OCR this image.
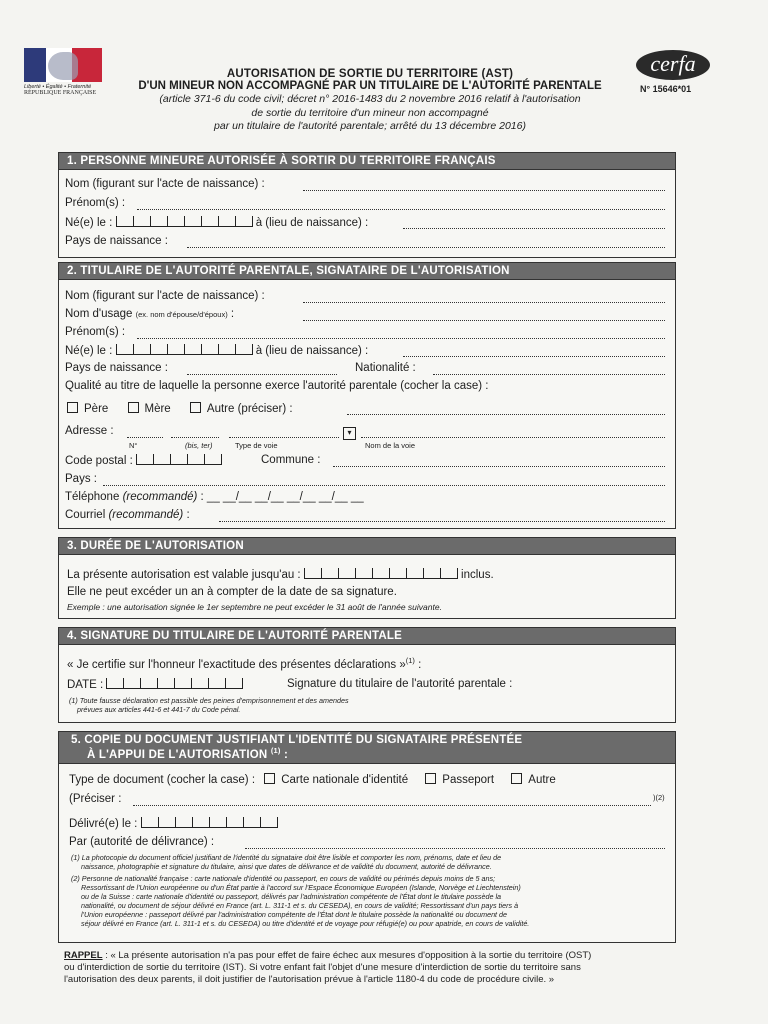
Liberté • Égalité • Fraternité
RÉPUBLIQUE FRANÇAISE
cerfa
N° 15646*01
AUTORISATION DE SORTIE DU TERRITOIRE (AST)
D'UN MINEUR NON ACCOMPAGNÉ PAR UN TITULAIRE DE L'AUTORITÉ PARENTALE
(article 371-6 du code civil; décret n° 2016-1483 du 2 novembre 2016 relatif à l'autorisation
de sortie du territoire d'un mineur non accompagné
par un titulaire de l'autorité parentale; arrêté du 13 décembre 2016)
1. PERSONNE MINEURE AUTORISÉE À SORTIR DU TERRITOIRE FRANÇAIS
Nom (figurant sur l'acte de naissance) :
Prénom(s) :
Né(e) le :	à (lieu de naissance) :
Pays de naissance :
2. TITULAIRE DE L'AUTORITÉ PARENTALE, SIGNATAIRE DE L'AUTORISATION
Nom (figurant sur l'acte de naissance) :
Nom d'usage (ex. nom d'épouse/d'époux) :
Prénom(s) :
Né(e) le :	à (lieu de naissance) :
Pays de naissance :	Nationalité :
Qualité au titre de laquelle la personne exerce l'autorité parentale (cocher la case) :
Père	Mère	Autre (préciser) :
Adresse :	▾
N°	(bis, ter)	Type de voie	Nom de la voie
Code postal :	Commune :
Pays :
Téléphone (recommandé) : __ __/__ __/__ __/__ __/__ __
Courriel (recommandé) :
3. DURÉE DE L'AUTORISATION
La présente autorisation est valable jusqu'au :	inclus.
Elle ne peut excéder un an à compter de la date de sa signature.
Exemple : une autorisation signée le 1er septembre ne peut excéder le 31 août de l'année suivante.
4. SIGNATURE DU TITULAIRE DE L'AUTORITÉ PARENTALE
« Je certifie sur l'honneur l'exactitude des présentes déclarations »$^{(1)}$ :
DATE :	Signature du titulaire de l'autorité parentale :
(1) Toute fausse déclaration est passible des peines d'emprisonnement et des amendes
prévues aux articles 441-6 et 441-7 du Code pénal.
5. COPIE DU DOCUMENT JUSTIFIANT L'IDENTITÉ DU SIGNATAIRE PRÉSENTÉE
À L'APPUI DE L'AUTORISATION $^{(1)}$ :
Type de document (cocher la case) : Carte nationale d'identité	Passeport	Autre
(Préciser :	)(2)
Délivré(e) le :
Par (autorité de délivrance) :
(1) La photocopie du document officiel justifiant de l'identité du signataire doit être lisible et comporter les nom, prénoms, date et lieu de
naissance, photographie et signature du titulaire, ainsi que dates de délivrance et de validité du document, autorité de délivrance.
(2) Personne de nationalité française : carte nationale d'identité ou passeport, en cours de validité ou périmés depuis moins de 5 ans;
Ressortissant de l'Union européenne ou d'un État partie à l'accord sur l'Espace Économique Européen (Islande, Norvège et Liechtenstein)
ou de la Suisse : carte nationale d'identité ou passeport, délivrés par l'administration compétente de l'État dont le titulaire possède la
nationalité, ou document de séjour délivré en France (art. L. 311-1 et s. du CESEDA), en cours de validité; Ressortissant d'un pays tiers à
l'Union européenne : passeport délivré par l'administration compétente de l'État dont le titulaire possède la nationalité ou document de
séjour délivré en France (art. L. 311-1 et s. du CESEDA) ou titre d'identité et de voyage pour réfugié(e) ou pour apatride, en cours de validité.
RAPPEL : « La présente autorisation n'a pas pour effet de faire échec aux mesures d'opposition à la sortie du territoire (OST)
ou d'interdiction de sortie du territoire (IST). Si votre enfant fait l'objet d'une mesure d'interdiction de sortie du territoire sans
l'autorisation des deux parents, il doit justifier de l'autorisation prévue à l'article 1180-4 du code de procédure civile. »
